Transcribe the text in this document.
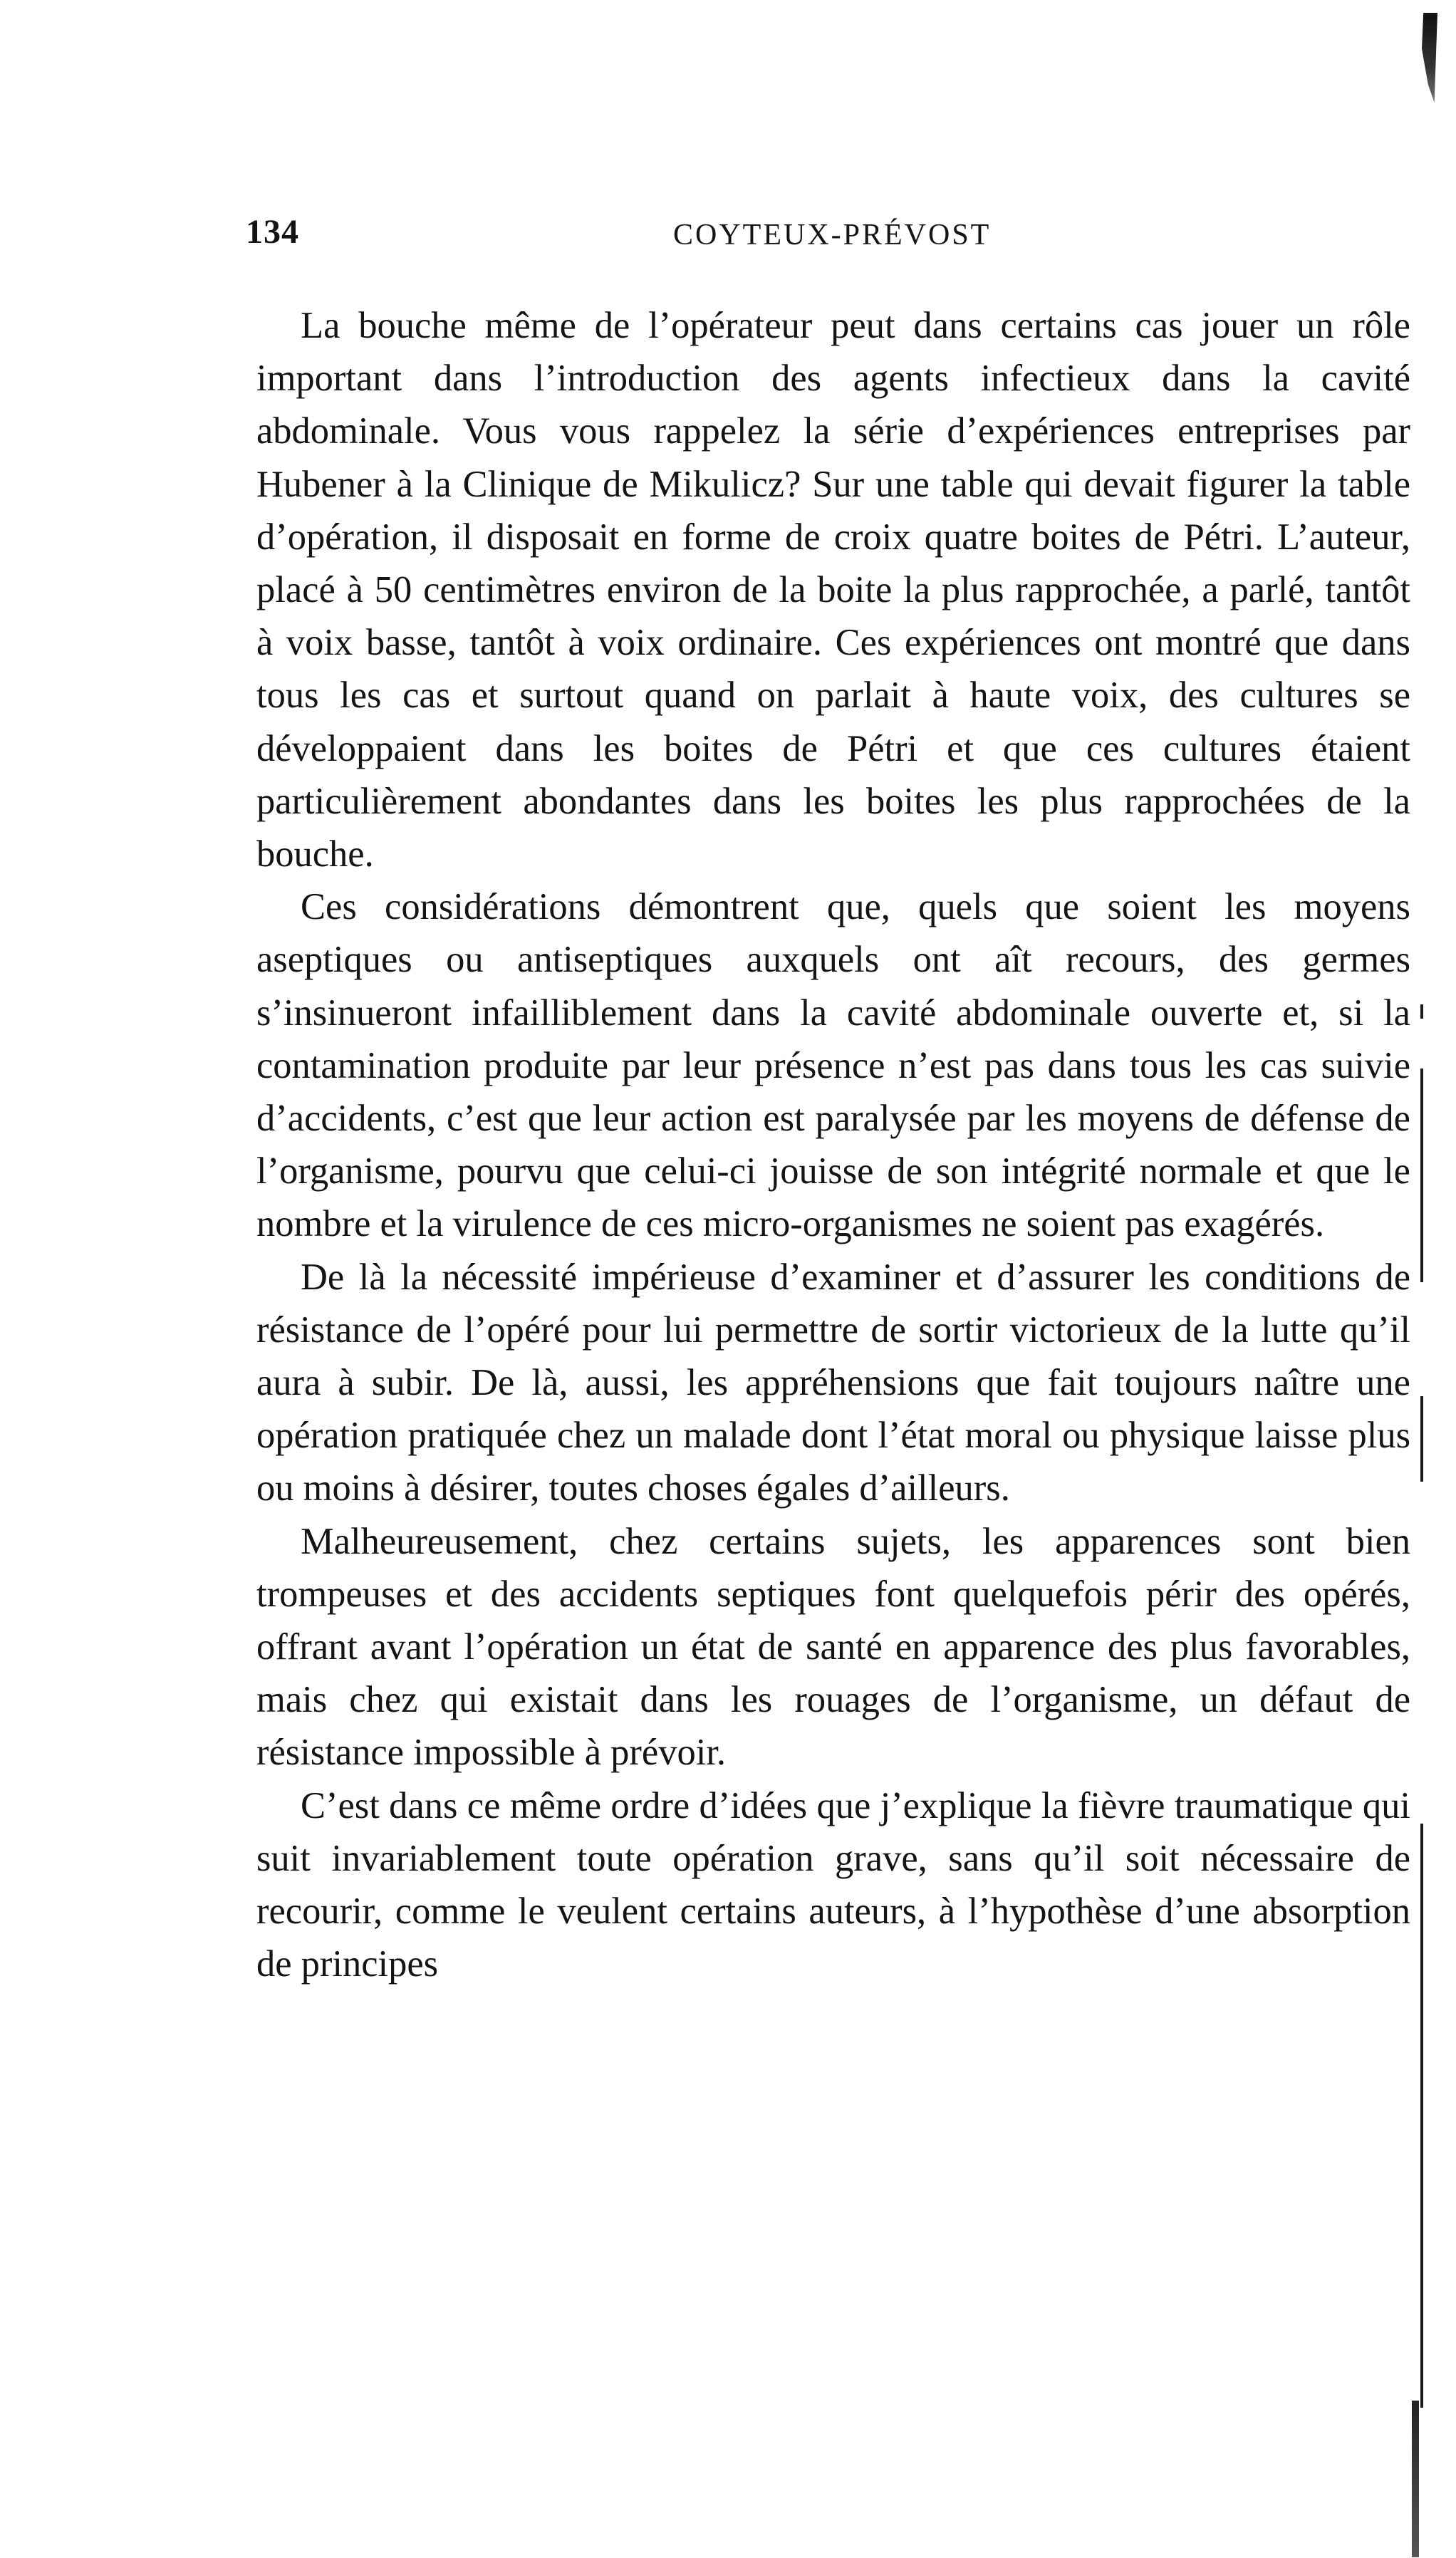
134	COYTEUX-PRÉVOST

La bouche même de l’opérateur peut dans certains cas jouer un rôle important dans l’introduction des agents infectieux dans la cavité abdominale. Vous vous rappelez la série d’expériences entreprises par Hubener à la Clinique de Mikulicz? Sur une table qui devait figurer la table d’opération, il disposait en forme de croix quatre boites de Pétri. L’auteur, placé à 50 centimètres environ de la boite la plus rapprochée, a parlé, tantôt à voix basse, tantôt à voix ordinaire. Ces expériences ont montré que dans tous les cas et surtout quand on parlait à haute voix, des cultures se développaient dans les boites de Pétri et que ces cultures étaient particulièrement abondantes dans les boites les plus rapprochées de la bouche.

Ces considérations démontrent que, quels que soient les moyens aseptiques ou antiseptiques auxquels ont aît recours, des germes s’insinueront infailliblement dans la cavité abdominale ouverte et, si la contamination produite par leur présence n’est pas dans tous les cas suivie d’accidents, c’est que leur action est paralysée par les moyens de défense de l’organisme, pourvu que celui-ci jouisse de son intégrité normale et que le nombre et la virulence de ces micro-organismes ne soient pas exagérés.

De là la nécessité impérieuse d’examiner et d’assurer les conditions de résistance de l’opéré pour lui permettre de sortir victorieux de la lutte qu’il aura à subir. De là, aussi, les appréhensions que fait toujours naître une opération pratiquée chez un malade dont l’état moral ou physique laisse plus ou moins à désirer, toutes choses égales d’ailleurs.

Malheureusement, chez certains sujets, les apparences sont bien trompeuses et des accidents septiques font quelquefois périr des opérés, offrant avant l’opération un état de santé en apparence des plus favorables, mais chez qui existait dans les rouages de l’organisme, un défaut de résistance impossible à prévoir.

C’est dans ce même ordre d’idées que j’explique la fièvre traumatique qui suit invariablement toute opération grave, sans qu’il soit nécessaire de recourir, comme le veulent certains auteurs, à l’hypothèse d’une absorption de principes
